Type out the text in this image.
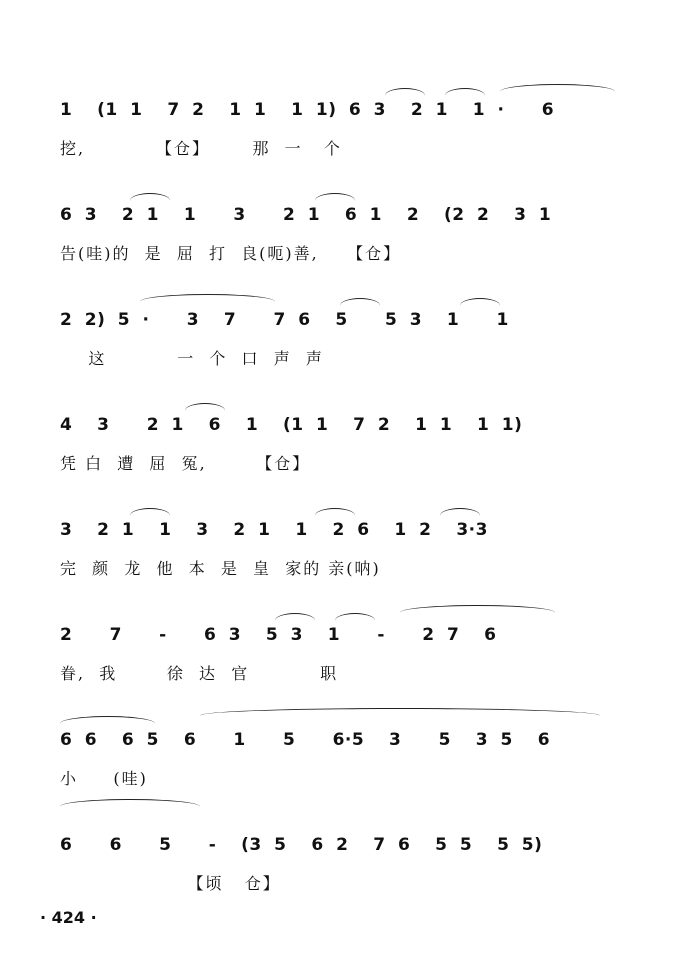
1  (1 1  7 2  1 1  1 1) 6 3  2 1  1 ·   6
挖,          【仓】      那  一   个
6 3  2 1  1   3   2 1  6 1  2  (2 2  3 1
告(哇)的  是  屈  打  良(呃)善,    【仓】
2 2) 5 ·   3  7   7 6  5   5 3  1   1
这          一  个  口  声  声
4  3   2 1  6  1  (1 1  7 2  1 1  1 1)
凭 白  遭  屈  冤,       【仓】
3  2 1  1  3  2 1  1  2 6  1 2  3·3
完  颜  龙  他  本  是  皇  家的 亲(呐)
2   7   -   6 3  5 3  1   -   2 7  6
眷,  我       徐  达  官          职
6 6  6 5  6   1   5   6·5  3   5  3 5  6
小     (哇)
6   6   5   -  (3 5  6 2  7 6  5 5  5 5)
【顷   仓】
· 424 ·
